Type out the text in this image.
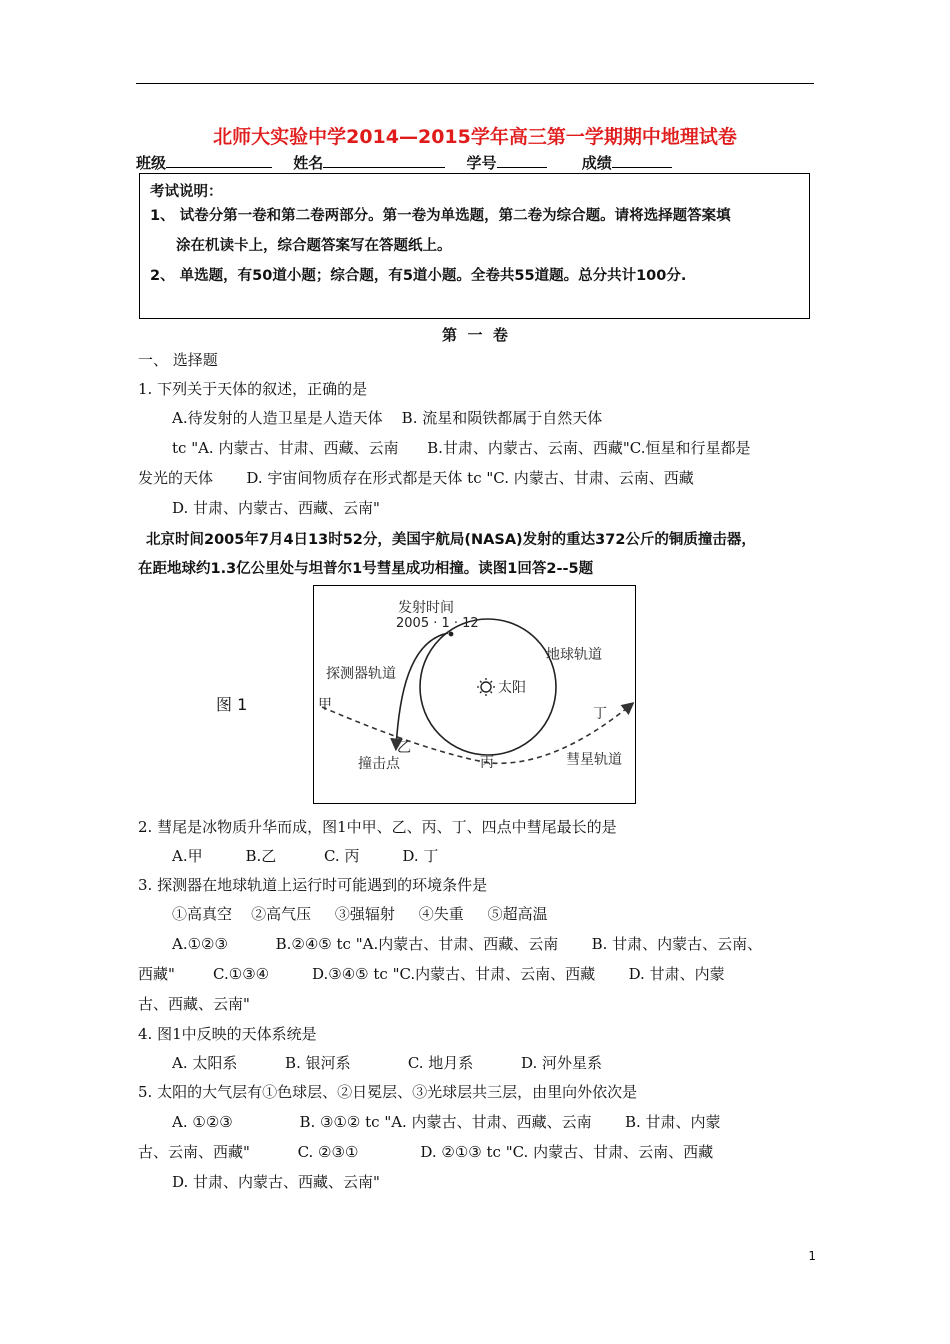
北师大实验中学2014—2015学年高三第一学期期中地理试卷
班级	姓名	学号	成绩
考试说明：
1、 试卷分第一卷和第二卷两部分。第一卷为单选题，第二卷为综合题。请将选择题答案填
涂在机读卡上，综合题答案写在答题纸上。
2、 单选题，有50道小题；综合题，有5道小题。全卷共55道题。总分共计100分.
第  一  卷
一、 选择题
1. 下列关于天体的叙述，正确的是
A.待发射的人造卫星是人造天体    B. 流星和陨铁都属于自然天体
tc "A. 内蒙古、甘肃、西藏、云南      B.甘肃、内蒙古、云南、西藏"C.恒星和行星都是
发光的天体       D. 宇宙间物质存在形式都是天体 tc "C. 内蒙古、甘肃、云南、西藏
D. 甘肃、内蒙古、西藏、云南"
北京时间2005年7月4日13时52分，美国宇航局(NASA)发射的重达372公斤的铜质撞击器，
在距地球约1.3亿公里处与坦普尔1号彗星成功相撞。读图1回答2--5题
图 1
发射时间
2005 · 1 · 12
探测器轨道
地球轨道
太阳
甲
乙
撞击点	丙
丁
彗星轨道
2. 彗尾是冰物质升华而成，图1中甲、乙、丙、丁、四点中彗尾最长的是
A.甲         B.乙          C. 丙         D. 丁
3. 探测器在地球轨道上运行时可能遇到的环境条件是
①高真空    ②高气压     ③强辐射     ④失重     ⑤超高温
A.①②③          B.②④⑤ tc "A.内蒙古、甘肃、西藏、云南       B. 甘肃、内蒙古、云南、
西藏"        C.①③④         D.③④⑤ tc "C.内蒙古、甘肃、云南、西藏       D. 甘肃、内蒙
古、西藏、云南"
4. 图1中反映的天体系统是
A. 太阳系          B. 银河系            C. 地月系          D. 河外星系
5. 太阳的大气层有①色球层、②日冕层、③光球层共三层，由里向外依次是
A. ①②③              B. ③①② tc "A. 内蒙古、甘肃、西藏、云南       B. 甘肃、内蒙
古、云南、西藏"          C. ②③①             D. ②①③ tc "C. 内蒙古、甘肃、云南、西藏
D. 甘肃、内蒙古、西藏、云南"
1
